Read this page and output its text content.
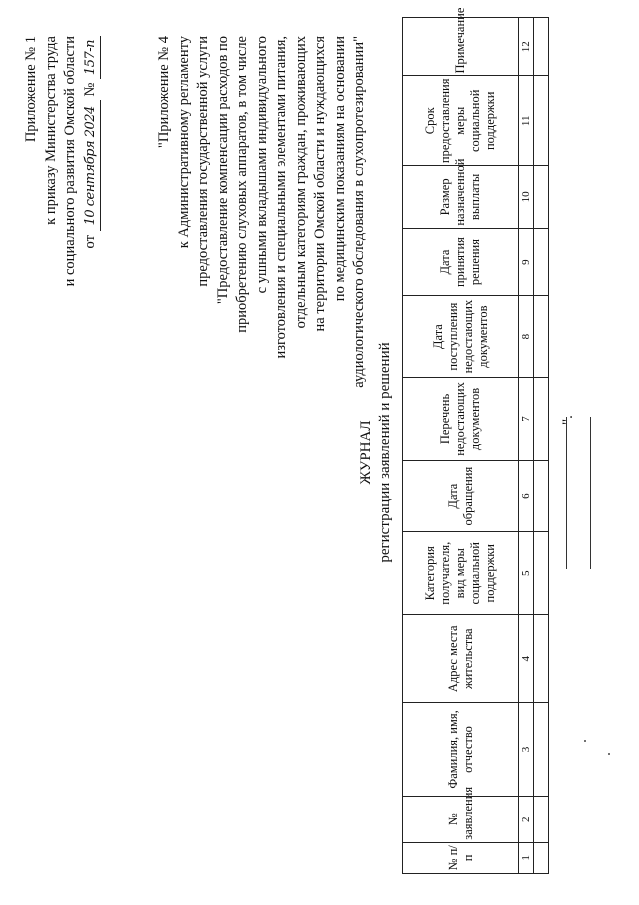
Приложение № 1 к приказу Министерства труда и социального развития Омской области от 10 сентября 2024 № 157-п	"Приложение № 4 к Административному регламенту предоставления государственной услуги "Предоставление компенсации расходов по приобретению слуховых аппаратов, в том числе с ушными вкладышами индивидуального изготовления и специальными элементами питания, отдельным категориям граждан, проживающих на территории Омской области и нуждающихся по медицинским показаниям на основании аудиологического обследования в слухопротезировании"
ЖУРНАЛ регистрации заявлений и решений
№ п/п	№ заявления	Фамилия, имя, отчество	Адрес места жительства	Категория получателя, вид меры социальной поддержки	Дата обращения	Перечень недостающих документов	Дата поступления недостающих документов	Дата принятия решения	Размер назначенной выплаты	Срок предоставления меры социальной поддержки	Примечание
1	2	3	4	5	6	7	8	9	10	11	12

".
